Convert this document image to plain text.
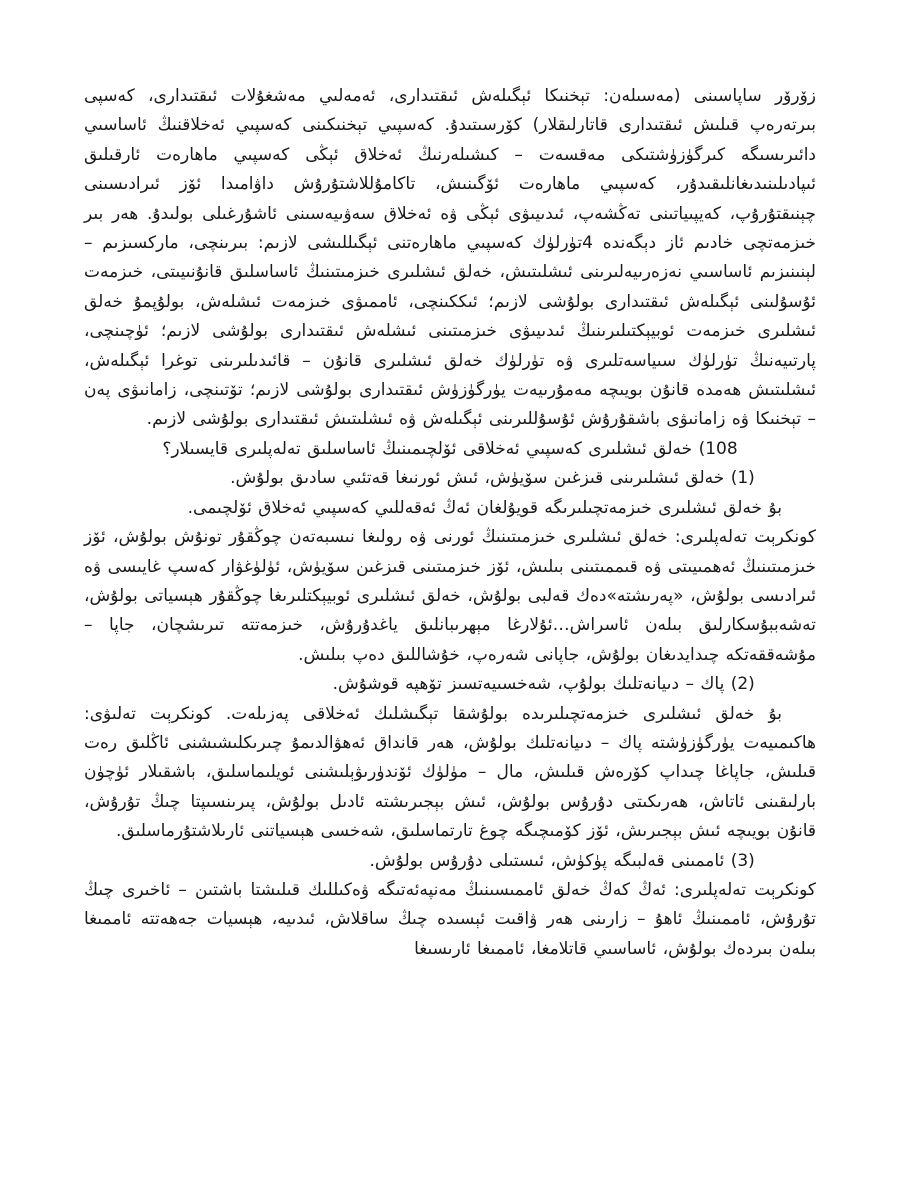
زۆرۆر ساپاسىنى (مەسىلەن: تېخنىكا ئېگىلەش ئىقتىدارى، ئەمەلىي مەشغۇلات ئىقتىدارى، كەسپى بىرتەرەپ قىلىش ئىقتىدارى قاتارلىقلار) كۆرسىتىدۇ. كەسپىي تېخنىكىنى كەسپىي ئەخلاقنىڭ ئاساسىي دائىرىسىگە كىرگۈزۈشتىكى مەقسەت – كىشىلەرنىڭ ئەخلاق ئېڭى كەسپىي ماھارەت ئارقىلىق ئىپادىلىنىدىغانلىقىدۇر، كەسپىي ماھارەت ئۆگىنىش، تاكامۇللاشتۇرۇش داۋامىدا ئۆز ئىرادىسىنى چېنىقتۇرۇپ، كەيپىياتىنى تەڭشەپ، ئىدىيىۋى ئېڭى ۋە ئەخلاق سەۋىيەسىنى ئاشۇرغىلى بولىدۇ. ھەر بىر خىزمەتچى خادىم ئاز دېگەندە 4تۈرلۈك كەسپىي ماھارەتنى ئېگىللىشى لازىم: بىرىنچى، ماركسىزىم – لېنىنىزىم ئاساسىي نەزەرىيەلىرىنى ئىشلىتىش، خەلق ئىشلىرى خىزمىتىنىڭ ئاساسلىق قانۇنىيىتى، خىزمەت ئۇسۇلىنى ئېگىلەش ئىقتىدارى بولۇشى لازىم؛ ئىككىنچى، ئاممىۋى خىزمەت ئىشلەش، بولۇپمۇ خەلق ئىشلىرى خىزمەت ئوبيېكتىلىرىنىڭ ئىدىيىۋى خىزمىتىنى ئىشلەش ئىقتىدارى بولۇشى لازىم؛ ئۈچىنچى، پارتىيەنىڭ تۈرلۈك سىياسەتلىرى ۋە تۈرلۈك خەلق ئىشلىرى قانۇن – قائىدىلىرىنى توغرا ئېگىلەش، ئىشلىتىش ھەمدە قانۇن بويىچە مەمۇرىيەت يۈرگۈزۈش ئىقتىدارى بولۇشى لازىم؛ تۆتىنچى، زامانىۋى پەن – تېخنىكا ۋە زامانىۋى باشقۇرۇش ئۇسۇللىرىنى ئېگىلەش ۋە ئىشلىتىش ئىقتىدارى بولۇشى لازىم.

108) خەلق ئىشلىرى كەسپىي ئەخلاقى ئۆلچىمىنىڭ ئاساسلىق تەلەپلىرى قايسىلار؟

(1) خەلق ئىشلىرىنى قىزغىن سۆيۈش، ئىش ئورنىغا قەتئىي سادىق بولۇش.

بۇ خەلق ئىشلىرى خىزمەتچىلىرىگە قويۇلغان ئەڭ ئەقەللىي كەسپىي ئەخلاق ئۆلچىمى.

كونكرېت تەلەپلىرى: خەلق ئىشلىرى خىزمىتىنىڭ ئورنى ۋە رولىغا نىسبەتەن چوڭقۇر تونۇش بولۇش، ئۆز خىزمىتىنىڭ ئەھمىيىتى ۋە قىممىتىنى بىلىش، ئۆز خىزمىتىنى قىزغىن سۆيۈش، ئۈلۈغۋار كەسپ غايىسى ۋە ئىرادىسى بولۇش، «پەرىشتە»دەك قەلبى بولۇش، خەلق ئىشلىرى ئوبيېكتلىرىغا چوڭقۇر ھېسياتى بولۇش، تەشەببۇسكارلىق بىلەن ئاسراش…ئۇلارغا مېھرىبانلىق ياغدۇرۇش، خىزمەتتە تىرىشچان، جاپا – مۇشەققەتكە چىدايدىغان بولۇش، جاپانى شەرەپ، خۇشاللىق دەپ بىلىش.

(2) پاك – دىيانەتلىك بولۇپ، شەخسىيەتسىز تۆھپە قوشۇش.

بۇ خەلق ئىشلىرى خىزمەتچىلىرىدە بولۇشقا تېگىشلىك ئەخلاقى پەزىلەت. كونكرېت تەلىۋى: ھاكىمىيەت يۈرگۈزۈشتە پاك – دىيانەتلىك بولۇش، ھەر قانداق ئەھۋالدىمۇ چىرىكلىشىشنى ئاڭلىق رەت قىلىش، جاپاغا چىداپ كۆرەش قىلىش، مال – مۈلۈك ئۆندۈرىۋېلىشنى ئويلىماسلىق، باشقىلار ئۈچۈن بارلىقىنى ئاتاش، ھەرىكىتى دۇرۇس بولۇش، ئىش بېجىرىشتە ئادىل بولۇش، پىرىنسىپتا چىڭ تۇرۇش، قانۇن بويىچە ئىش بېجىرىش، ئۆز كۆمىچىگە چوغ تارتماسلىق، شەخسى ھېسياتنى ئارىلاشتۇرماسلىق.

(3) ئاممىنى قەلبىگە پۈكۈش، ئىستىلى دۇرۇس بولۇش.

كونكرېت تەلەپلىرى: ئەڭ كەڭ خەلق ئاممىسىنىڭ مەنپەئەتىگە ۋەكىللىك قىلىشتا باشتىن – ئاخىرى چىڭ تۇرۇش، ئاممىنىڭ ئاھۇ – زارىنى ھەر ۋاقىت ئېسىدە چىڭ ساقلاش، ئىدىيە، ھېسيات جەھەتتە ئاممىغا بىلەن بىردەك بولۇش، ئاساسىي قاتلامغا، ئاممىغا ئارىسىغا
